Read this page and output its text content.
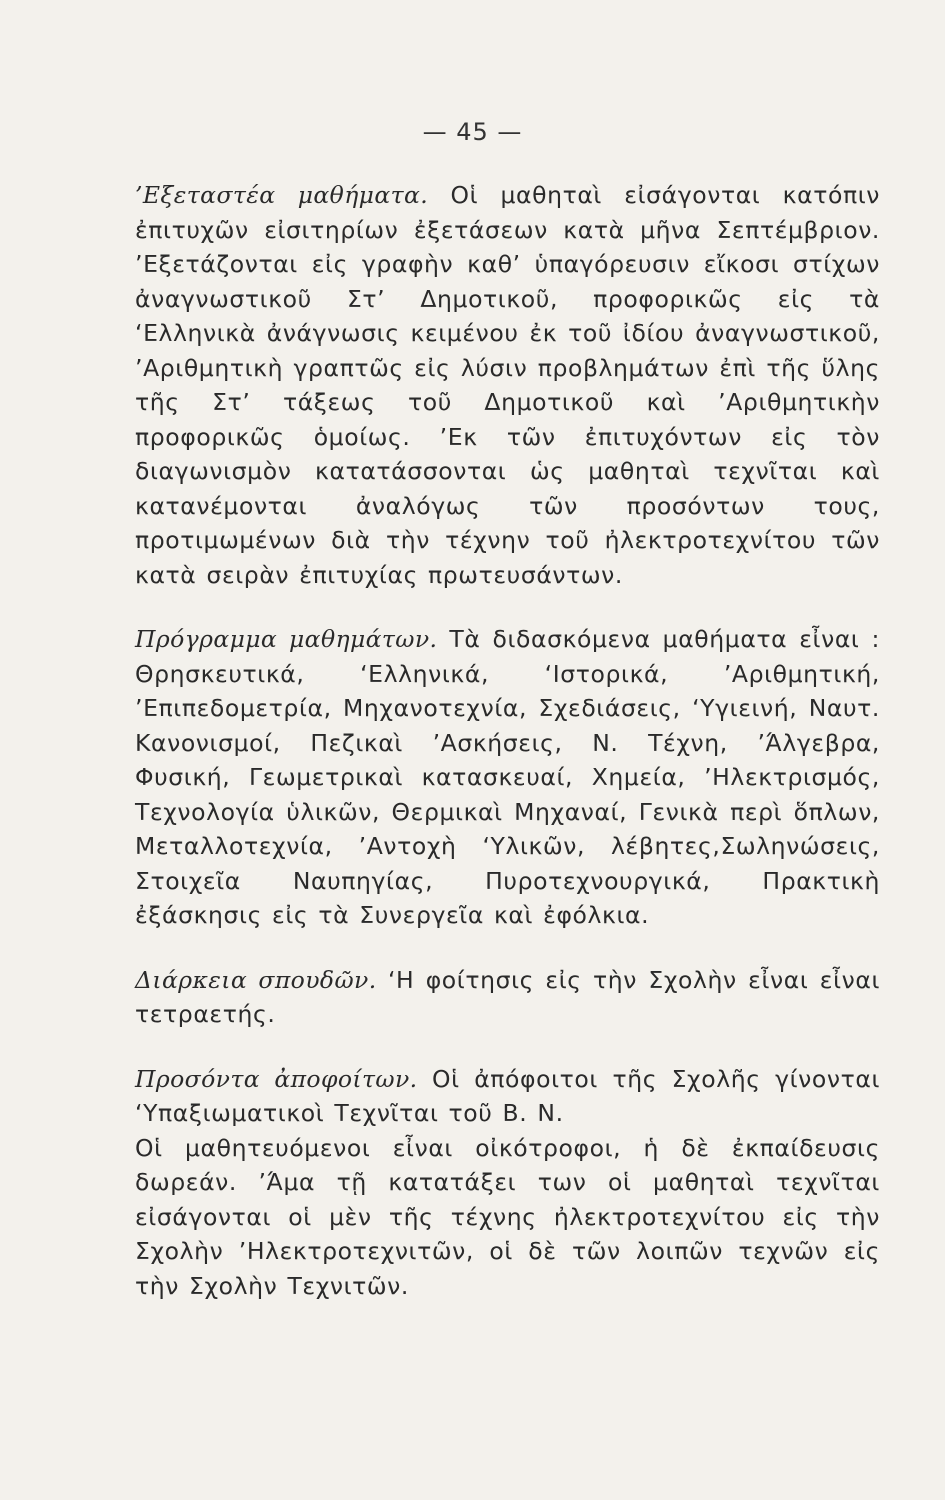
— 45 —

’Εξεταστέα μαθήματα. Οἱ μαθηταὶ εἰσάγονται κατόπιν ἐπιτυχῶν εἰσιτηρίων ἐξετάσεων κατὰ μῆνα Σεπτέμβριον. ’Εξετάζονται εἰς γραφὴν καθ’ ὑπαγόρευσιν εἴκοσι στίχων ἀναγνωστικοῦ Στ’ Δημοτικοῦ, προφορικῶς εἰς τὰ ‘Ελληνικὰ ἀνάγνωσις κειμένου ἐκ τοῦ ἰδίου ἀναγνωστικοῦ, ’Αριθμητικὴ γραπτῶς εἰς λύσιν προβλημάτων ἐπὶ τῆς ὕλης τῆς Στ’ τάξεως τοῦ Δημοτικοῦ καὶ ’Αριθμητικὴν προφορικῶς ὁμοίως. ’Εκ τῶν ἐπιτυχόντων εἰς τὸν διαγωνισμὸν κατατάσσονται ὡς μαθηταὶ τεχνῖται καὶ κατανέμονται ἀναλόγως τῶν προσόντων τους, προτιμωμένων διὰ τὴν τέχνην τοῦ ἠλεκτροτεχνίτου τῶν κατὰ σειρὰν ἐπιτυχίας πρωτευσάντων.

Πρόγραμμα μαθημάτων. Τὰ διδασκόμενα μαθήματα εἶναι : Θρησκευτικά, ‘Ελληνικά, ‘Ιστορικά, ’Αριθμητική, ’Επιπεδομετρία, Μηχανοτεχνία, Σχεδιάσεις, ‘Υγιεινή, Ναυτ. Κανονισμοί, Πεζικαὶ ’Ασκήσεις, Ν. Τέχνη, ’Άλγεβρα, Φυσική, Γεωμετρικαὶ κατασκευαί, Χημεία, ’Ηλεκτρισμός, Τεχνολογία ὑλικῶν, Θερμικαὶ Μηχαναί, Γενικὰ περὶ ὅπλων, Μεταλλοτεχνία, ’Αντοχὴ ‘Υλικῶν, λέβητες,Σωληνώσεις, Στοιχεῖα Ναυπηγίας, Πυροτεχνουργικά, Πρακτικὴ ἐξάσκησις εἰς τὰ Συνεργεῖα καὶ ἐφόλκια.

Διάρκεια σπουδῶν. ‘Η φοίτησις εἰς τὴν Σχολὴν εἶναι εἶναι τετραετής.

Προσόντα ἀποφοίτων. Οἱ ἀπόφοιτοι τῆς Σχολῆς γίνονται ‘Υπαξιωματικοὶ Τεχνῖται τοῦ Β. Ν.

Οἱ μαθητευόμενοι εἶναι οἰκότροφοι, ἡ δὲ ἐκπαίδευσις δωρεάν. ’Άμα τῇ κατατάξει των οἱ μαθηταὶ τεχνῖται εἰσάγονται οἱ μὲν τῆς τέχνης ἠλεκτροτεχνίτου εἰς τὴν Σχολὴν ’Ηλεκτροτεχνιτῶν, οἱ δὲ τῶν λοιπῶν τεχνῶν εἰς τὴν Σχολὴν Τεχνιτῶν.
